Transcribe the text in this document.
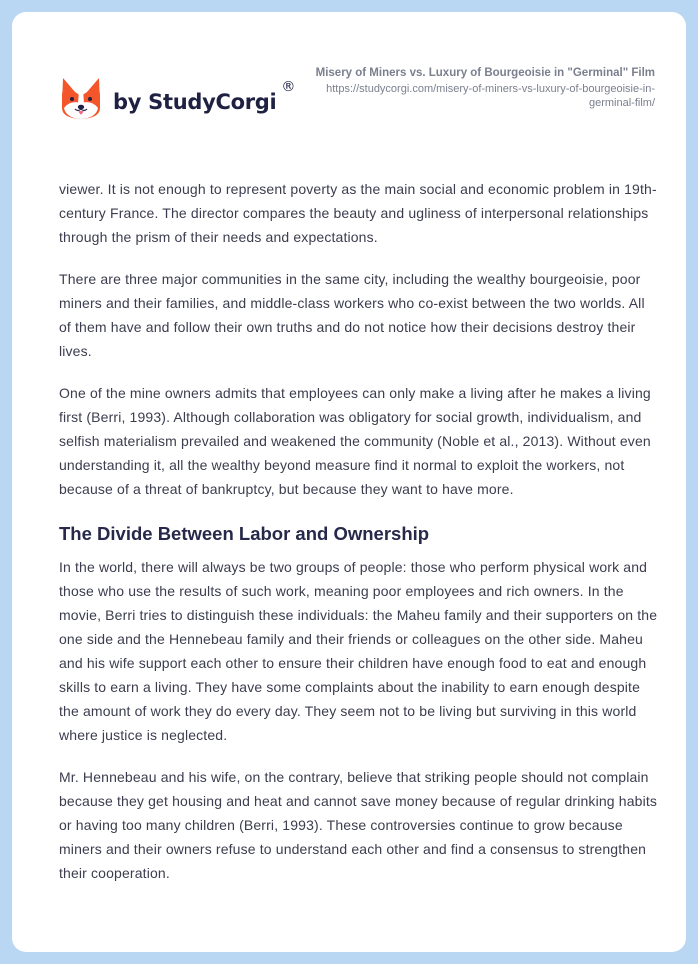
by StudyCorgi
®
Misery of Miners vs. Luxury of Bourgeoisie in "Germinal" Film
https://studycorgi.com/misery-of-miners-vs-luxury-of-bourgeoisie-in-germinal-film/

viewer. It is not enough to represent poverty as the main social and economic problem in 19th-century France. The director compares the beauty and ugliness of interpersonal relationships through the prism of their needs and expectations.

There are three major communities in the same city, including the wealthy bourgeoisie, poor miners and their families, and middle-class workers who co-exist between the two worlds. All of them have and follow their own truths and do not notice how their decisions destroy their lives.

One of the mine owners admits that employees can only make a living after he makes a living first (Berri, 1993). Although collaboration was obligatory for social growth, individualism, and selfish materialism prevailed and weakened the community (Noble et al., 2013). Without even understanding it, all the wealthy beyond measure find it normal to exploit the workers, not because of a threat of bankruptcy, but because they want to have more.

The Divide Between Labor and Ownership

In the world, there will always be two groups of people: those who perform physical work and those who use the results of such work, meaning poor employees and rich owners. In the movie, Berri tries to distinguish these individuals: the Maheu family and their supporters on the one side and the Hennebeau family and their friends or colleagues on the other side. Maheu and his wife support each other to ensure their children have enough food to eat and enough skills to earn a living. They have some complaints about the inability to earn enough despite the amount of work they do every day. They seem not to be living but surviving in this world where justice is neglected.

Mr. Hennebeau and his wife, on the contrary, believe that striking people should not complain because they get housing and heat and cannot save money because of regular drinking habits or having too many children (Berri, 1993). These controversies continue to grow because miners and their owners refuse to understand each other and find a consensus to strengthen their cooperation.
